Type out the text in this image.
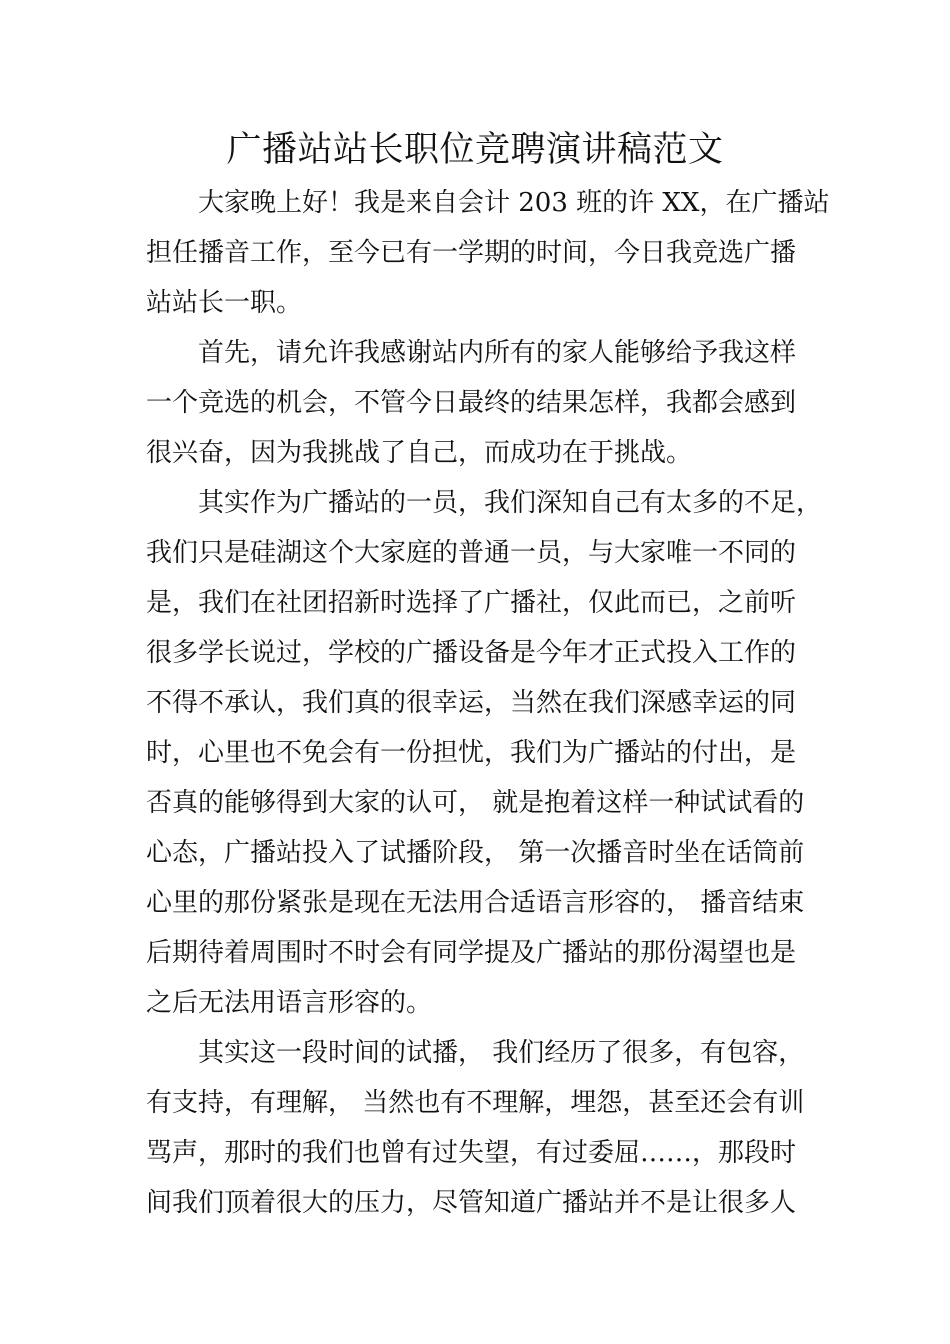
广播站站长职位竞聘演讲稿范文
大家晚上好！我是来自会计 203 班的许 XX，在广播站
担任播音工作，至今已有一学期的时间，今日我竞选广播
站站长一职。
首先，请允许我感谢站内所有的家人能够给予我这样
一个竞选的机会，不管今日最终的结果怎样，我都会感到
很兴奋，因为我挑战了自己，而成功在于挑战。
其实作为广播站的一员，我们深知自己有太多的不足，
我们只是硅湖这个大家庭的普通一员，与大家唯一不同的
是，我们在社团招新时选择了广播社，仅此而已，之前听
很多学长说过，学校的广播设备是今年才正式投入工作的
不得不承认，我们真的很幸运，当然在我们深感幸运的同
时，心里也不免会有一份担忧，我们为广播站的付出，是
否真的能够得到大家的认可， 就是抱着这样一种试试看的
心态，广播站投入了试播阶段， 第一次播音时坐在话筒前
心里的那份紧张是现在无法用合适语言形容的， 播音结束
后期待着周围时不时会有同学提及广播站的那份渴望也是
之后无法用语言形容的。
其实这一段时间的试播， 我们经历了很多，有包容，
有支持，有理解， 当然也有不理解，埋怨，甚至还会有训
骂声，那时的我们也曾有过失望，有过委屈……，那段时
间我们顶着很大的压力，尽管知道广播站并不是让很多人
